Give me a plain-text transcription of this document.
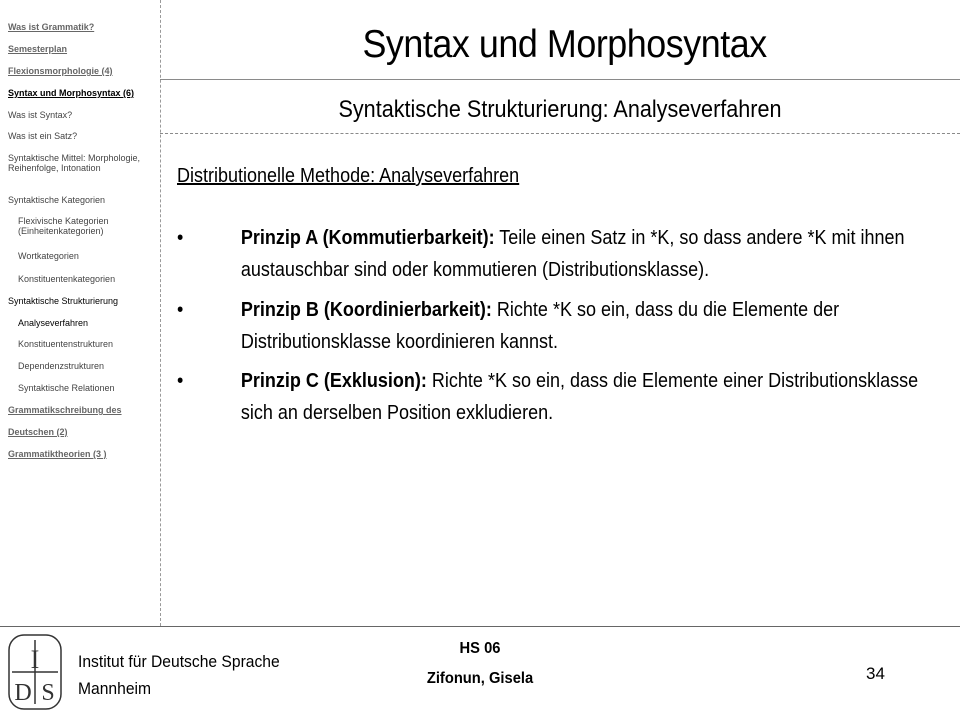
Was ist Grammatik?
Semesterplan
Flexionsmorphologie (4)
Syntax und Morphosyntax (6)
Was ist Syntax?
Was ist ein Satz?
Syntaktische Mittel: Morphologie, Reihenfolge, Intonation
Syntaktische Kategorien
Flexivische Kategorien (Einheitenkategorien)
Wortkategorien
Konstituentenkategorien
Syntaktische Strukturierung
Analyseverfahren
Konstituentenstrukturen
Dependenzstrukturen
Syntaktische Relationen
Grammatikschreibung des
Deutschen (2)
Grammatiktheorien (3 )
Syntax und Morphosyntax
Syntaktische Strukturierung: Analyseverfahren
Distributionelle Methode: Analyseverfahren
•	Prinzip A (Kommutierbarkeit): Teile einen Satz in *K, so dass andere *K mit ihnen austauschbar sind oder kommutieren (Distributionsklasse).
•	Prinzip B (Koordinierbarkeit): Richte *K so ein, dass du die Elemente der Distributionsklasse koordinieren kannst.
•	Prinzip C (Exklusion): Richte *K so ein, dass die Elemente einer Distributionsklasse sich an derselben Position exkludieren.
I
D S
Institut für Deutsche Sprache
Mannheim
HS 06
Zifonun, Gisela	34
